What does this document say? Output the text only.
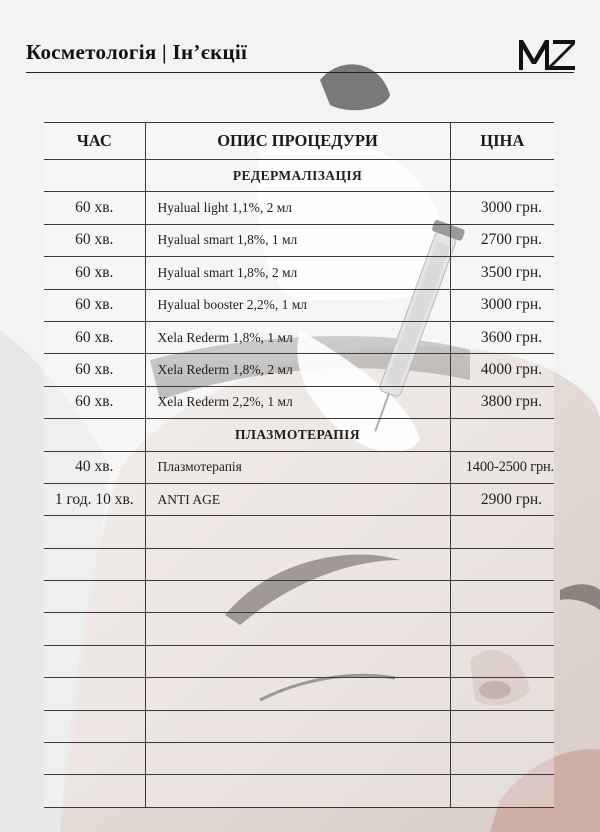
Косметологія | Ін’єкції
ЧАС	ОПИС ПРОЦЕДУРИ	ЦІНА
	РЕДЕРМАЛІЗАЦІЯ	
60 хв.	Hyalual light 1,1%, 2 мл	3000 грн.
60 хв.	Hyalual smart 1,8%, 1 мл	2700 грн.
60 хв.	Hyalual smart 1,8%, 2 мл	3500 грн.
60 хв.	Hyalual booster 2,2%, 1 мл	3000 грн.
60 хв.	Xela Rederm 1,8%, 1 мл	3600 грн.
60 хв.	Xela Rederm 1,8%, 2 мл	4000 грн.
60 хв.	Xela Rederm 2,2%, 1 мл	3800 грн.
	ПЛАЗМОТЕРАПІЯ	
40 хв.	Плазмотерапія	1400-2500 грн.
1 год. 10 хв.	ANTI AGE	2900 грн.
